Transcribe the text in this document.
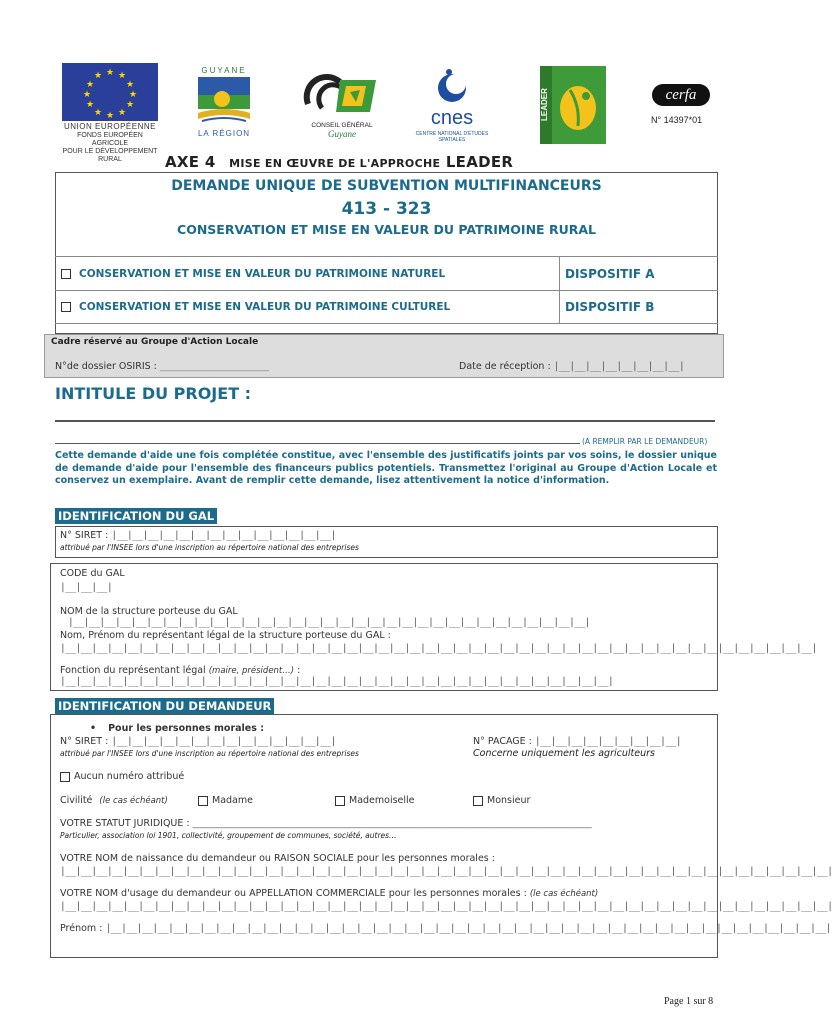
★ ★
★
★
★
★
★
★
★
★
★
★
UNION EUROPÉENNE
FONDS EUROPÉEN AGRICOLE
POUR LE DÉVELOPPEMENT RURAL
GUYANE
LA RÉGION
CONSEIL GÉNÉRAL
Guyane
cnes
CENTRE NATIONAL D'ÉTUDES SPATIALES
LEADER	cerfa
N° 14397*01
AXE 4 MISE EN ŒUVRE DE L'APPROCHE LEADER
DEMANDE UNIQUE DE SUBVENTION MULTIFINANCEURS
413 - 323
CONSERVATION ET MISE EN VALEUR DU PATRIMOINE RURAL
CONSERVATION ET MISE EN VALEUR DU PATRIMOINE NATUREL	DISPOSITIF A
CONSERVATION ET MISE EN VALEUR DU PATRIMOINE CULTUREL	DISPOSITIF B
Cadre réservé au Groupe d'Action Locale
N°de dossier OSIRIS : _______________________	Date de réception : |__|__|__|__|__|__|__|__|
INTITULE DU PROJET :
(A REMPLIR PAR LE DEMANDEUR)
Cette demande d'aide une fois complétée constitue, avec l'ensemble des justificatifs joints par vos soins, le dossier unique de demande d'aide pour l'ensemble des financeurs publics potentiels. Transmettez l'original au Groupe d'Action Locale et conservez un exemplaire. Avant de remplir cette demande, lisez attentivement la notice d'information.
IDENTIFICATION DU GAL
N° SIRET : |__|__|__|__|__|__|__|__|__|__|__|__|__|__|
attribué par l'INSEE lors d'une inscription au répertoire national des entreprises
CODE du GAL
|__|__|__|
NOM de la structure porteuse du GAL |__|__|__|__|__|__|__|__|__|__|__|__|__|__|__|__|__|__|__|__|__|__|__|__|__|__|__|__|__|__|__|__|__|
Nom, Prénom du représentant légal de la structure porteuse du GAL :
|__|__|__|__|__|__|__|__|__|__|__|__|__|__|__|__|__|__|__|__|__|__|__|__|__|__|__|__|__|__|__|__|__|__|__|__|__|__|__|__|__|__|__|__|__|__|__|__|
Fonction du représentant légal (maire, président…) : |__|__|__|__|__|__|__|__|__|__|__|__|__|__|__|__|__|__|__|__|__|__|__|__|__|__|__|__|__|__|__|__|__|__|__|
IDENTIFICATION DU DEMANDEUR
• Pour les personnes morales :
N° SIRET : |__|__|__|__|__|__|__|__|__|__|__|__|__|__|
attribué par l'INSEE lors d'une inscription au répertoire national des entreprises
N° PACAGE : |__|__|__|__|__|__|__|__|__|
Concerne uniquement les agriculteurs
Aucun numéro attribué
Civilité (le cas échéant)	Madame	Mademoiselle	Monsieur
VOTRE STATUT JURIDIQUE : ____________________________________________________________________________________
Particulier, association loi 1901, collectivité, groupement de communes, société, autres…
VOTRE NOM de naissance du demandeur ou RAISON SOCIALE pour les personnes morales :
|__|__|__|__|__|__|__|__|__|__|__|__|__|__|__|__|__|__|__|__|__|__|__|__|__|__|__|__|__|__|__|__|__|__|__|__|__|__|__|__|__|__|__|__|__|__|__|__|__|
VOTRE NOM d'usage du demandeur ou APPELLATION COMMERCIALE pour les personnes morales : (le cas échéant)
|__|__|__|__|__|__|__|__|__|__|__|__|__|__|__|__|__|__|__|__|__|__|__|__|__|__|__|__|__|__|__|__|__|__|__|__|__|__|__|__|__|__|__|__|__|__|__|__|__|
Prénom : |__|__|__|__|__|__|__|__|__|__|__|__|__|__|__|__|__|__|__|__|__|__|__|__|__|__|__|__|__|__|__|__|__|__|__|__|__|__|__|__|__|__|__|__|__|__|
Page 1 sur 8
